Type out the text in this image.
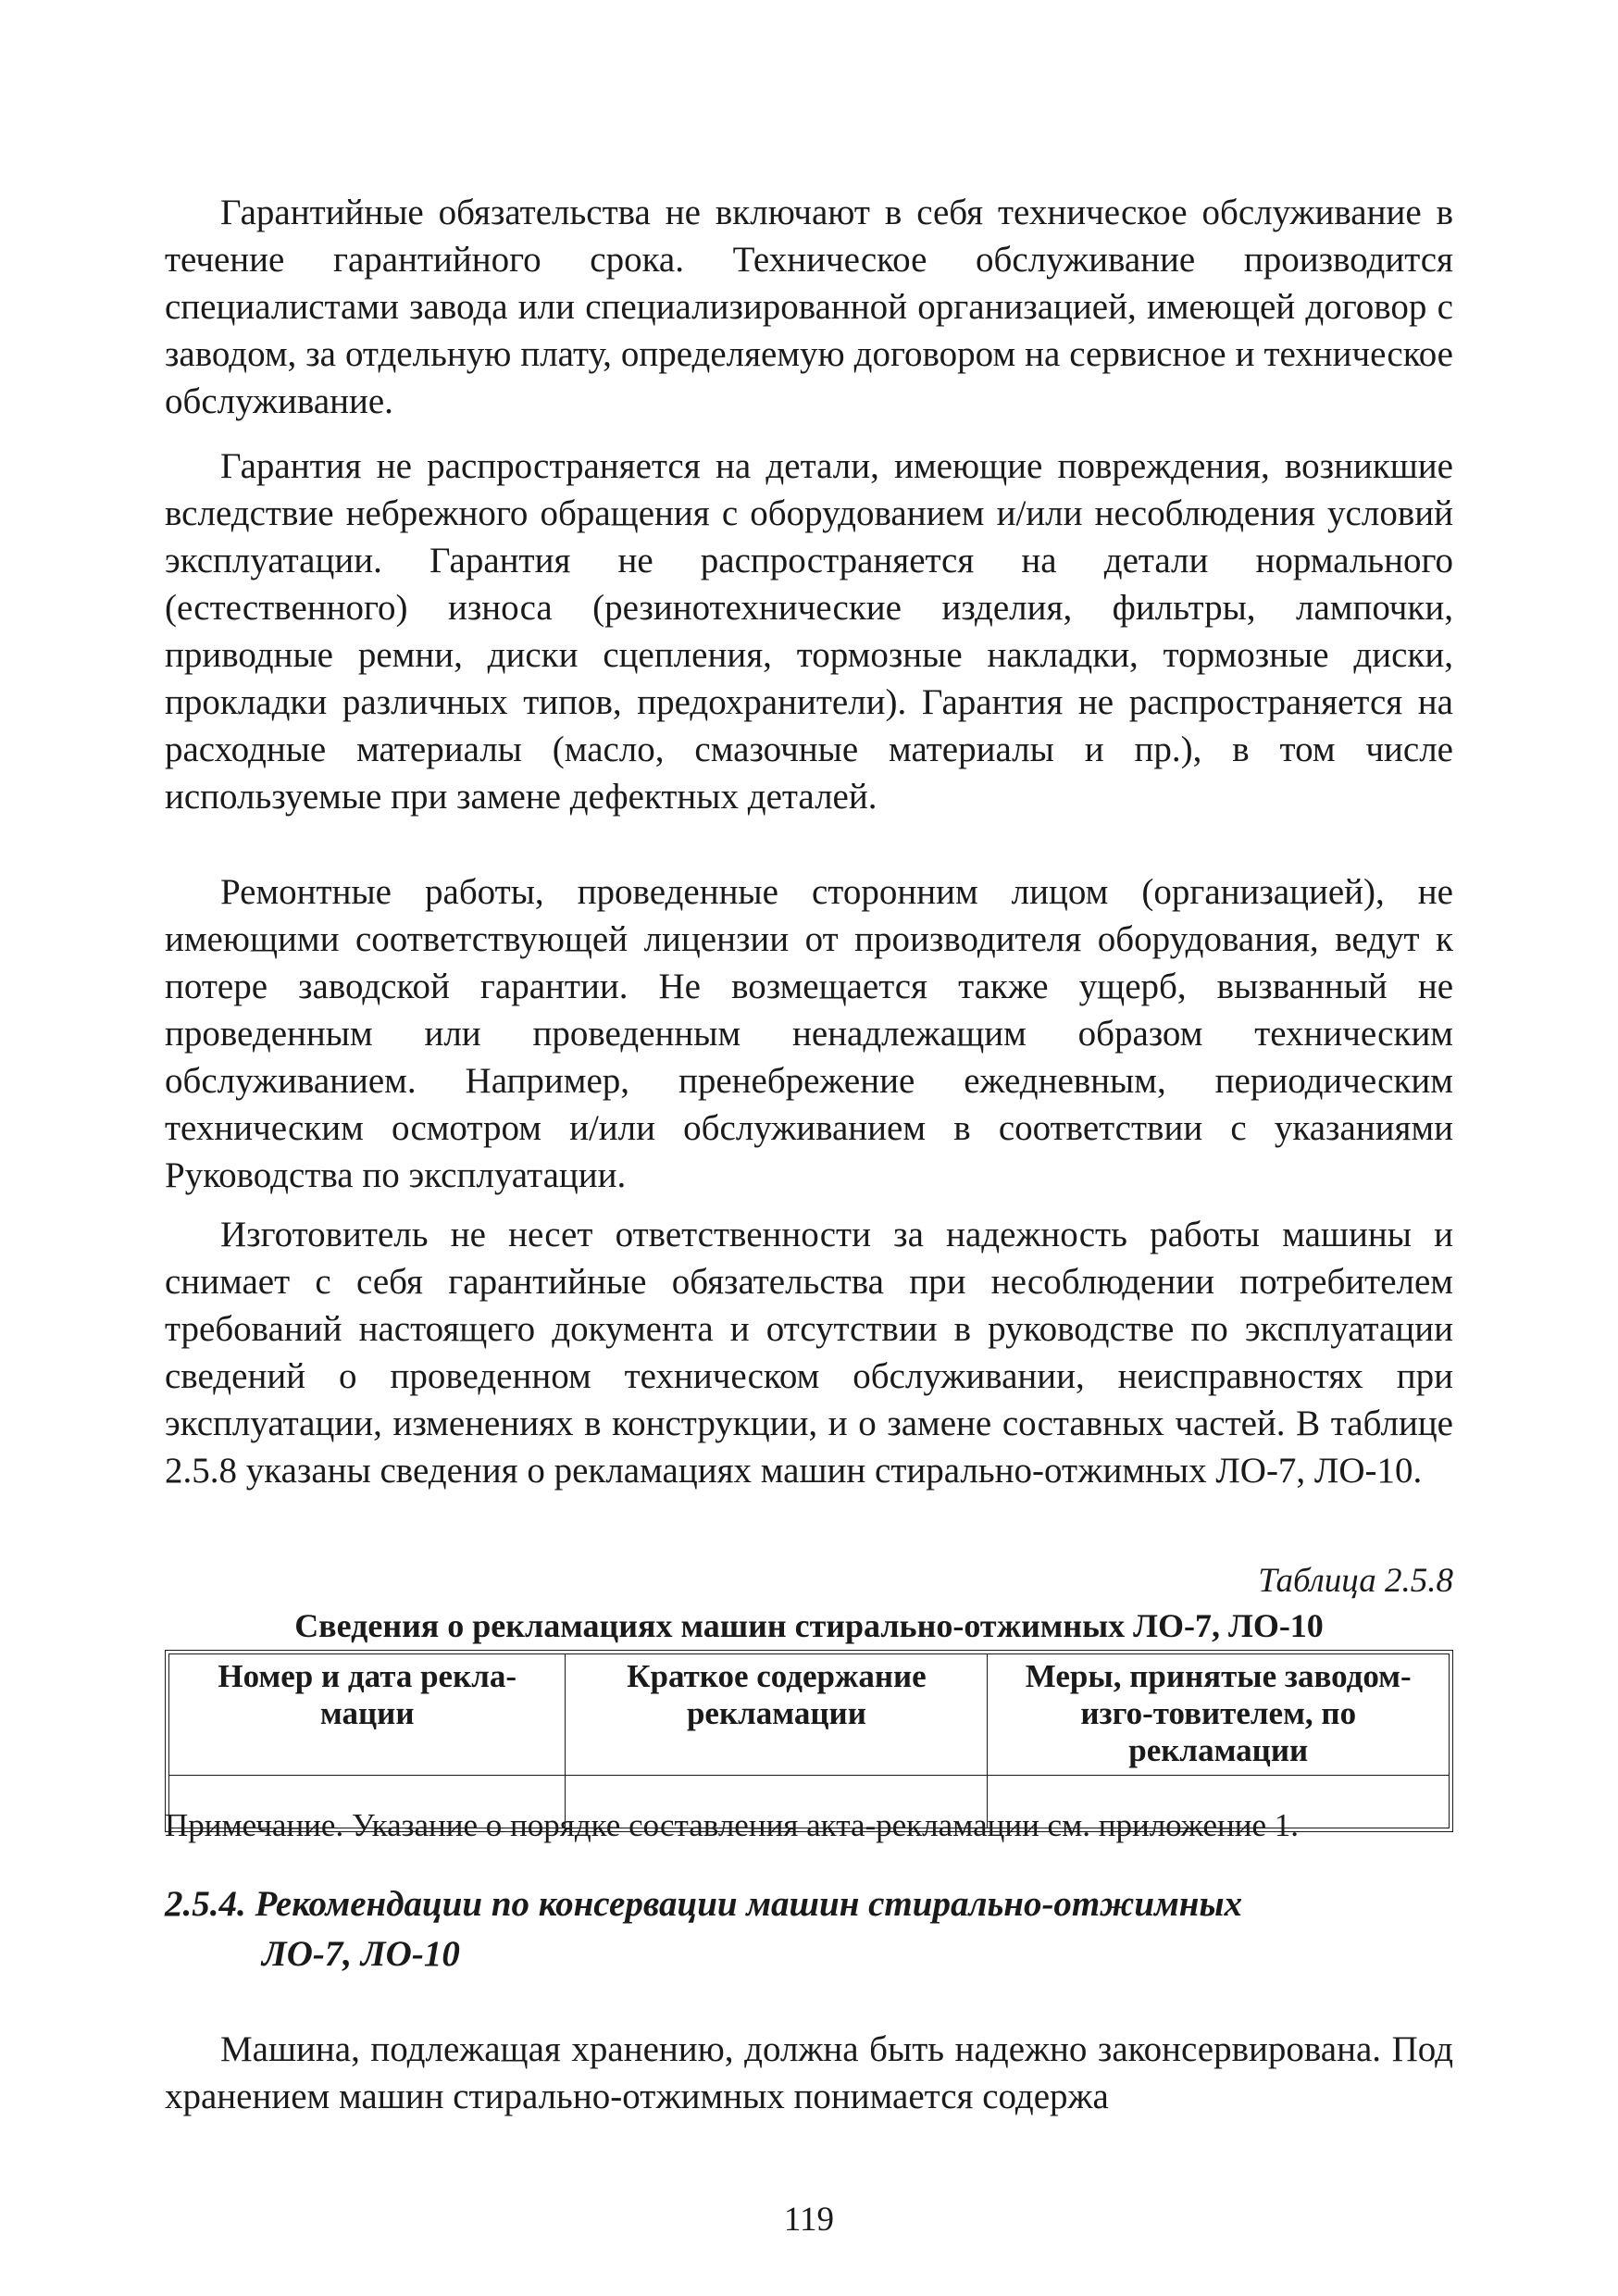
Гарантийные обязательства не включают в себя техническое обслуживание в течение гарантийного срока. Техническое обслуживание производится специалистами завода или специализированной организацией, имеющей договор с заводом, за отдельную плату, определяемую договором на сервисное и техническое обслуживание.

Гарантия не распространяется на детали, имеющие повреждения, возникшие вследствие небрежного обращения с оборудованием и/или несоблюдения условий эксплуатации. Гарантия не распространяется на детали нормального (естественного) износа (резинотехнические изделия, фильтры, лампочки, приводные ремни, диски сцепления, тормозные накладки, тормозные диски, прокладки различных типов, предохранители). Гарантия не распространяется на расходные материалы (масло, смазочные материалы и пр.), в том числе используемые при замене дефектных деталей.

Ремонтные работы, проведенные сторонним лицом (организацией), не имеющими соответствующей лицензии от производителя оборудования, ведут к потере заводской гарантии. Не возмещается также ущерб, вызванный не проведенным или проведенным ненадлежащим образом техническим обслуживанием. Например, пренебрежение ежедневным, периодическим техническим осмотром и/или обслуживанием в соответствии с указаниями Руководства по эксплуатации.

Изготовитель не несет ответственности за надежность работы машины и снимает с себя гарантийные обязательства при несоблюдении потребителем требований настоящего документа и отсутствии в руководстве по эксплуатации сведений о проведенном техническом обслуживании, неисправностях при эксплуатации, изменениях в конструкции, и о замене составных частей. В таблице 2.5.8 указаны сведения о рекламациях машин стирально-отжимных ЛО-7, ЛО-10.

Таблица 2.5.8

Сведения о рекламациях машин стирально-отжимных ЛО-7, ЛО-10

Номер и дата рекла-мации	Краткое содержание рекламации	Меры, принятые заводом-изго-товителем, по рекламации

Примечание. Указание о порядке составления акта-рекламации см. приложение 1.

2.5.4. Рекомендации по консервации машин стирально-отжимных
ЛО-7, ЛО-10

Машина, подлежащая хранению, должна быть надежно законсервирована. Под хранением машин стирально-отжимных понимается содержа

119
